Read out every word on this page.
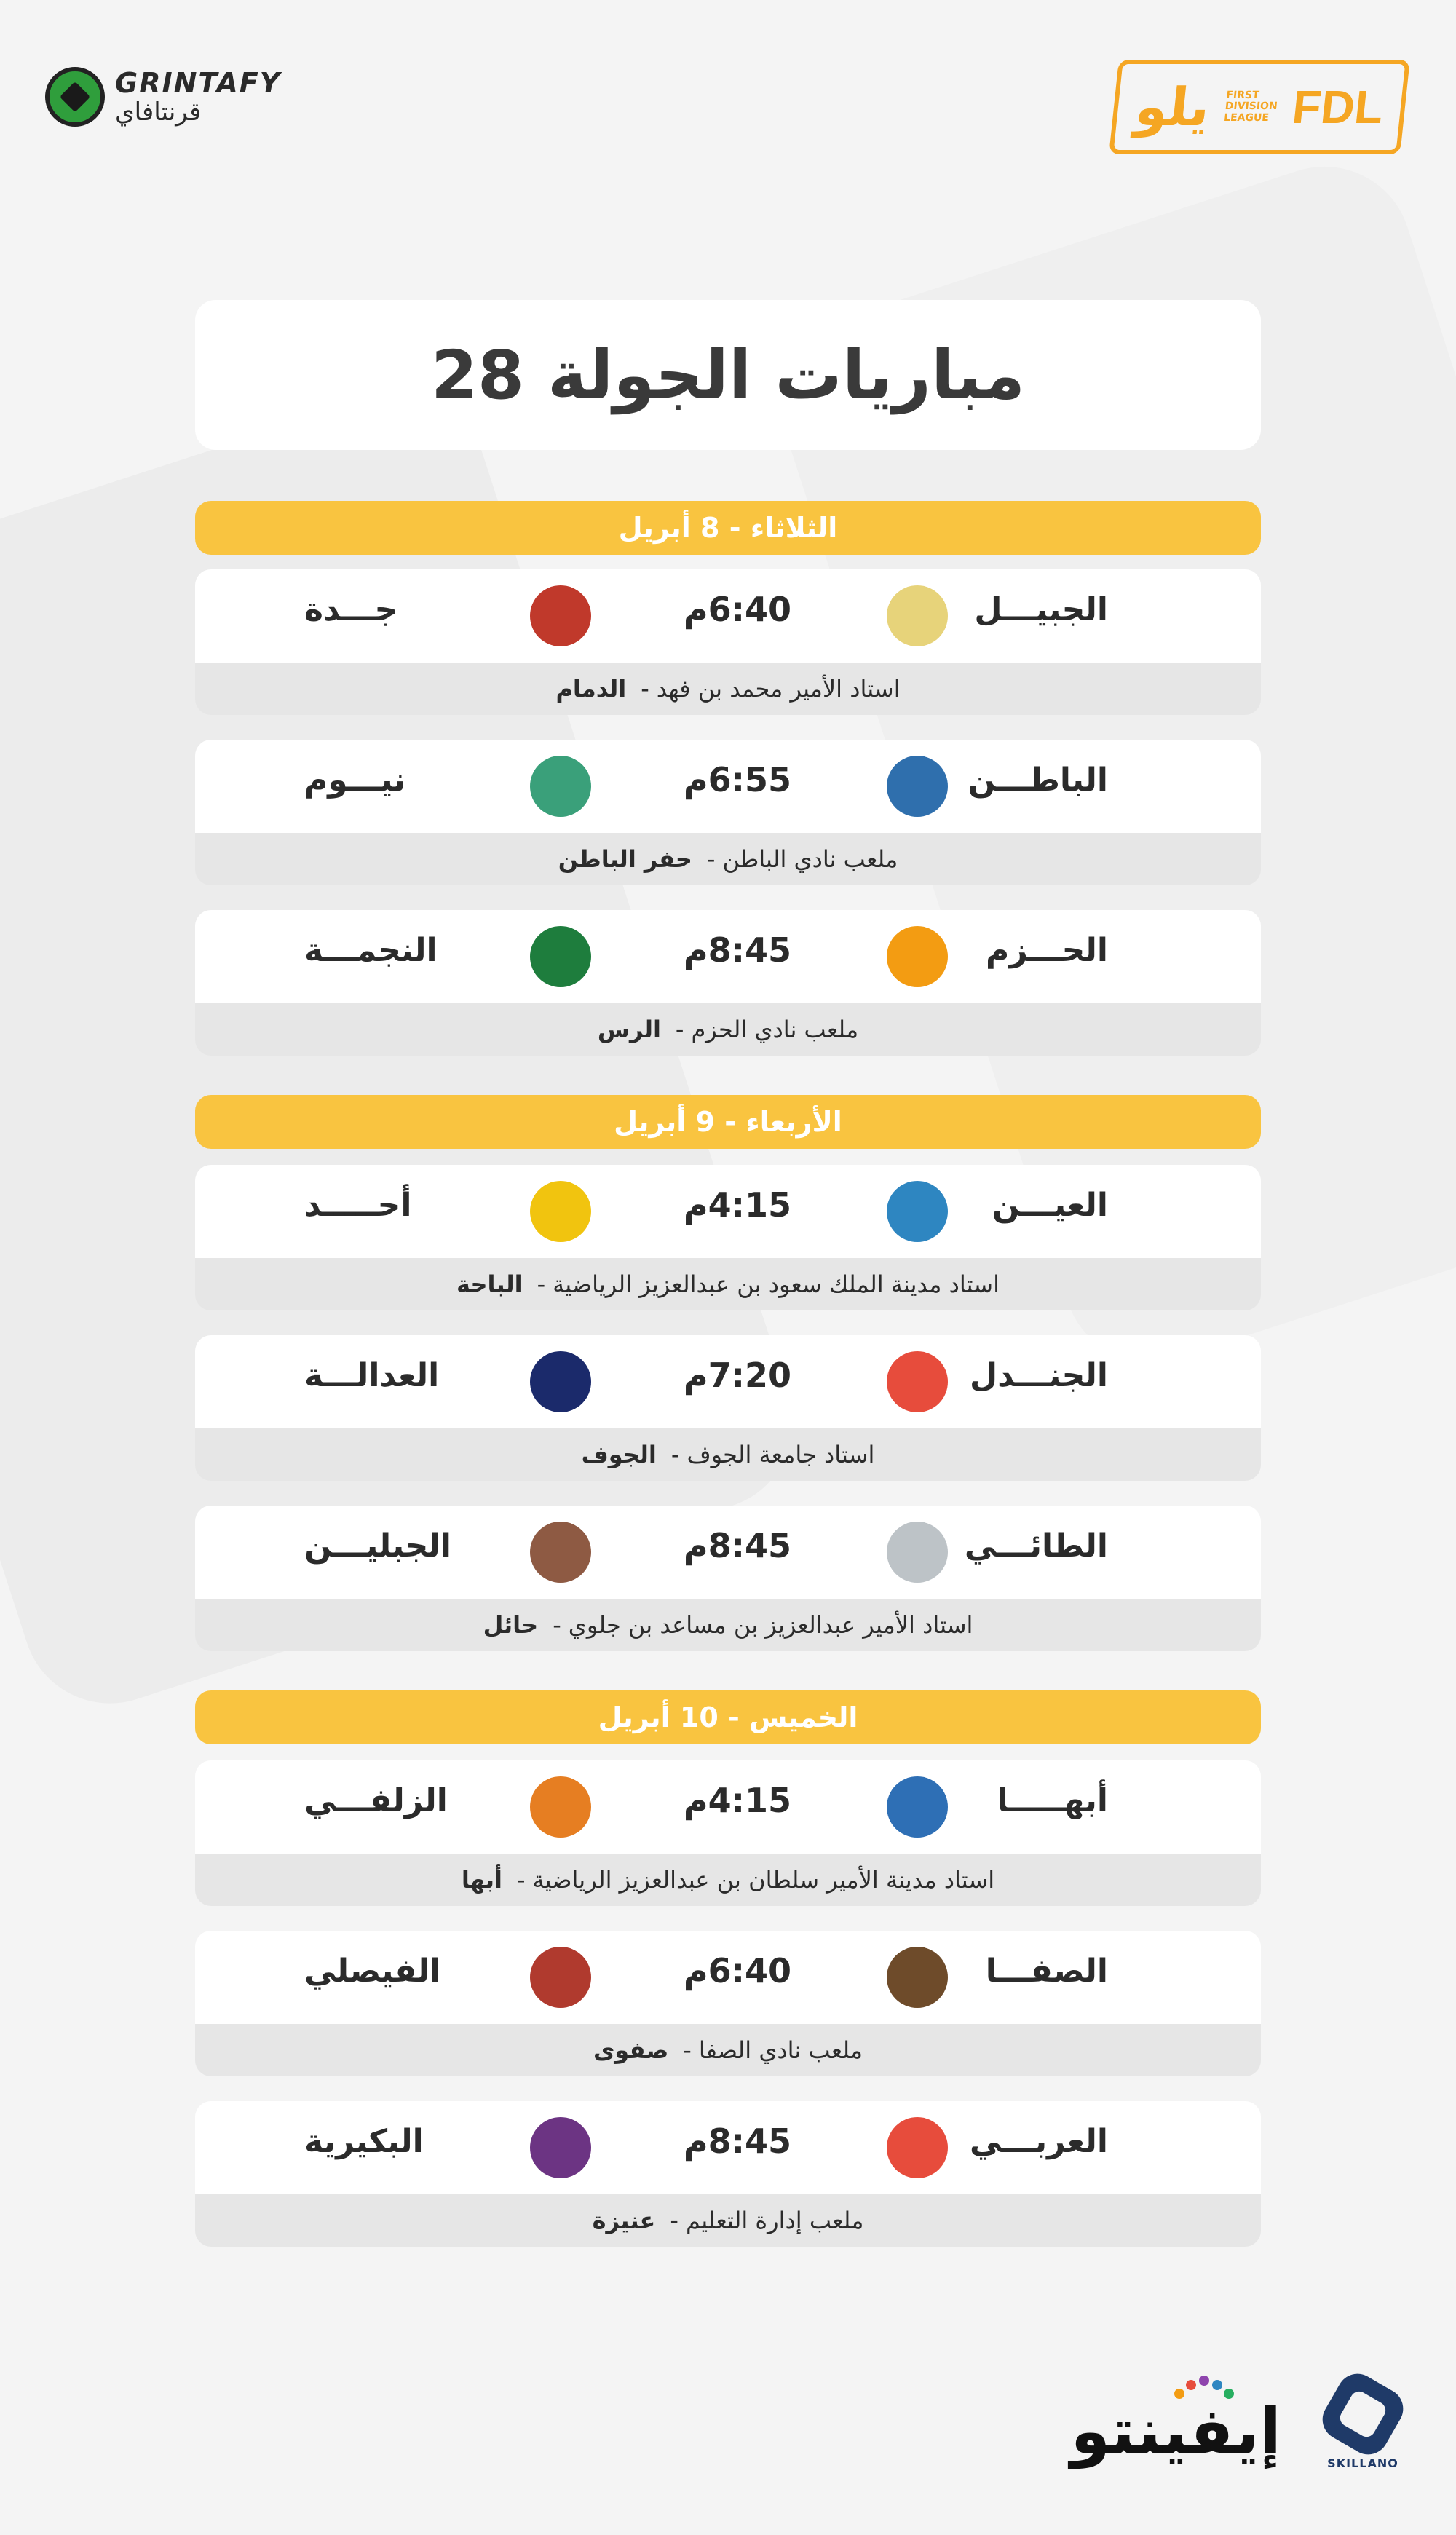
GRINTAFY
قرنتافاي	يلو FIRST
DIVISION
LEAGUE FDL
مباريات الجولة 28
الثلاثاء - 8 أبريل
الجبيـــل
6:40م
جـــدة
استاد الأمير محمد بن فهد
-
الدمام
الباطـــن
6:55م
نيـــوم
ملعب نادي الباطن
-
حفر الباطن
الحـــزم
8:45م
النجمـــة
ملعب نادي الحزم
-
الرس
الأربعاء - 9 أبريل
العيـــن
4:15م
أحـــــد
استاد مدينة الملك سعود بن عبدالعزيز الرياضية
-
الباحة
الجنـــدل
7:20م
العدالـــة
استاد جامعة الجوف
-
الجوف
الطائـــي
8:45م
الجبليـــن
استاد الأمير عبدالعزيز بن مساعد بن جلوي
-
حائل
الخميس - 10 أبريل
أبهـــــا
4:15م
الزلفـــي
استاد مدينة الأمير سلطان بن عبدالعزيز الرياضية
-
أبها
الصفـــا
6:40م
الفيصلي
ملعب نادي الصفا
-
صفوى
العربـــي
8:45م
البكيرية
ملعب إدارة التعليم
-
عنيزة
إيفينتو	SKILLANO
